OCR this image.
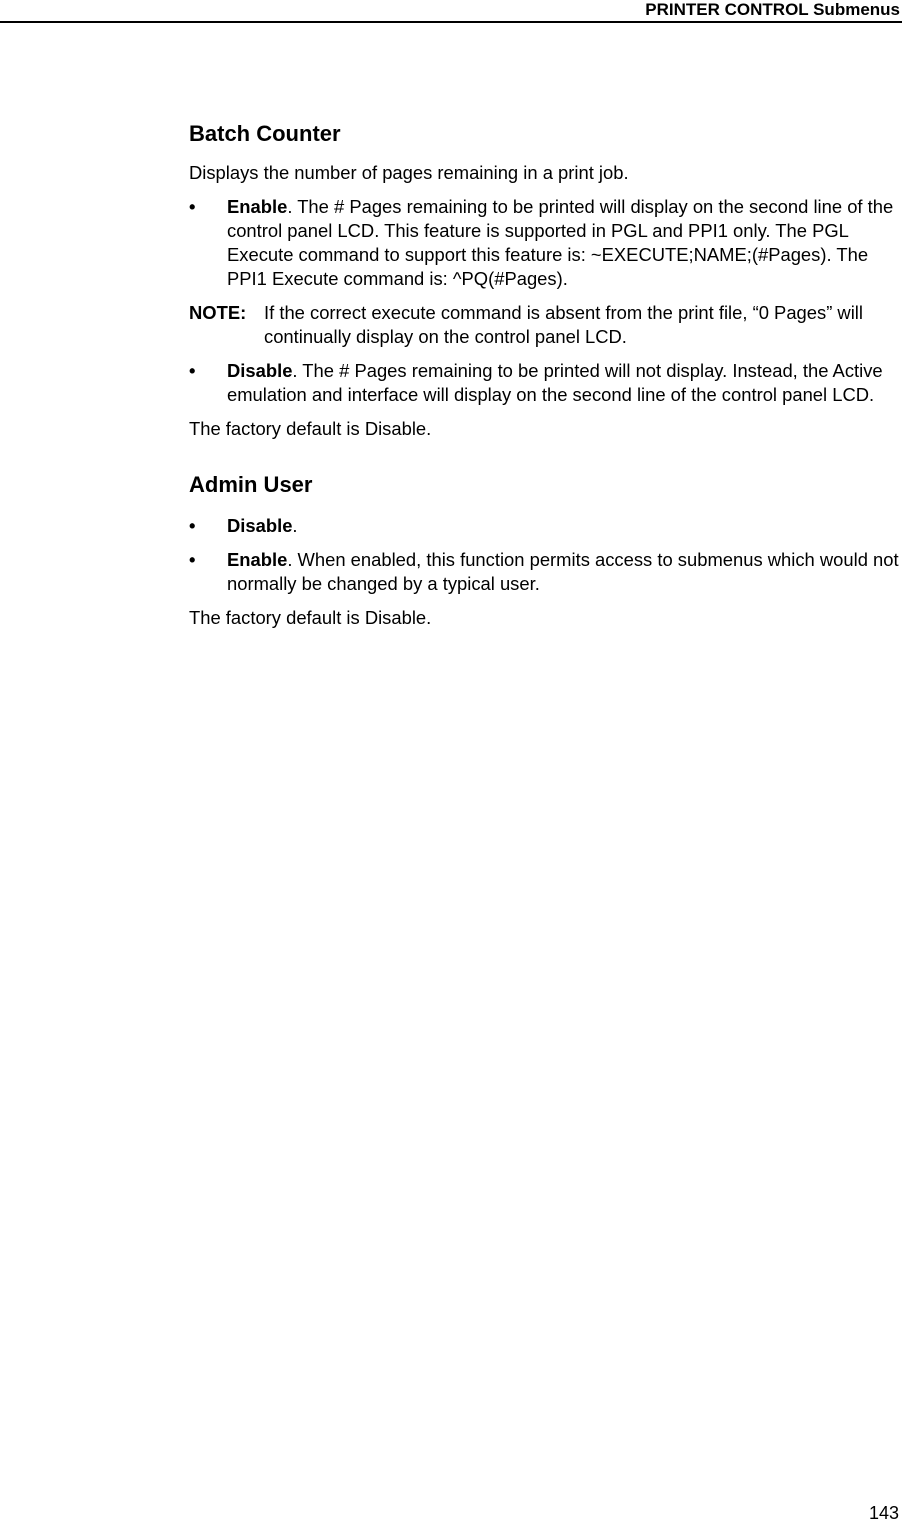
PRINTER CONTROL Submenus
Batch Counter

Displays the number of pages remaining in a print job.

• Enable. The # Pages remaining to be printed will display on the second line of the control panel LCD. This feature is supported in PGL and PPI1 only. The PGL Execute command to support this feature is: ~EXECUTE;NAME;(#Pages). The PPI1 Execute command is: ^PQ(#Pages).

NOTE: If the correct execute command is absent from the print file, “0 Pages” will continually display on the control panel LCD.

• Disable. The # Pages remaining to be printed will not display. Instead, the Active emulation and interface will display on the second line of the control panel LCD.

The factory default is Disable.

Admin User

• Disable.

• Enable. When enabled, this function permits access to submenus which would not normally be changed by a typical user.

The factory default is Disable.

143
